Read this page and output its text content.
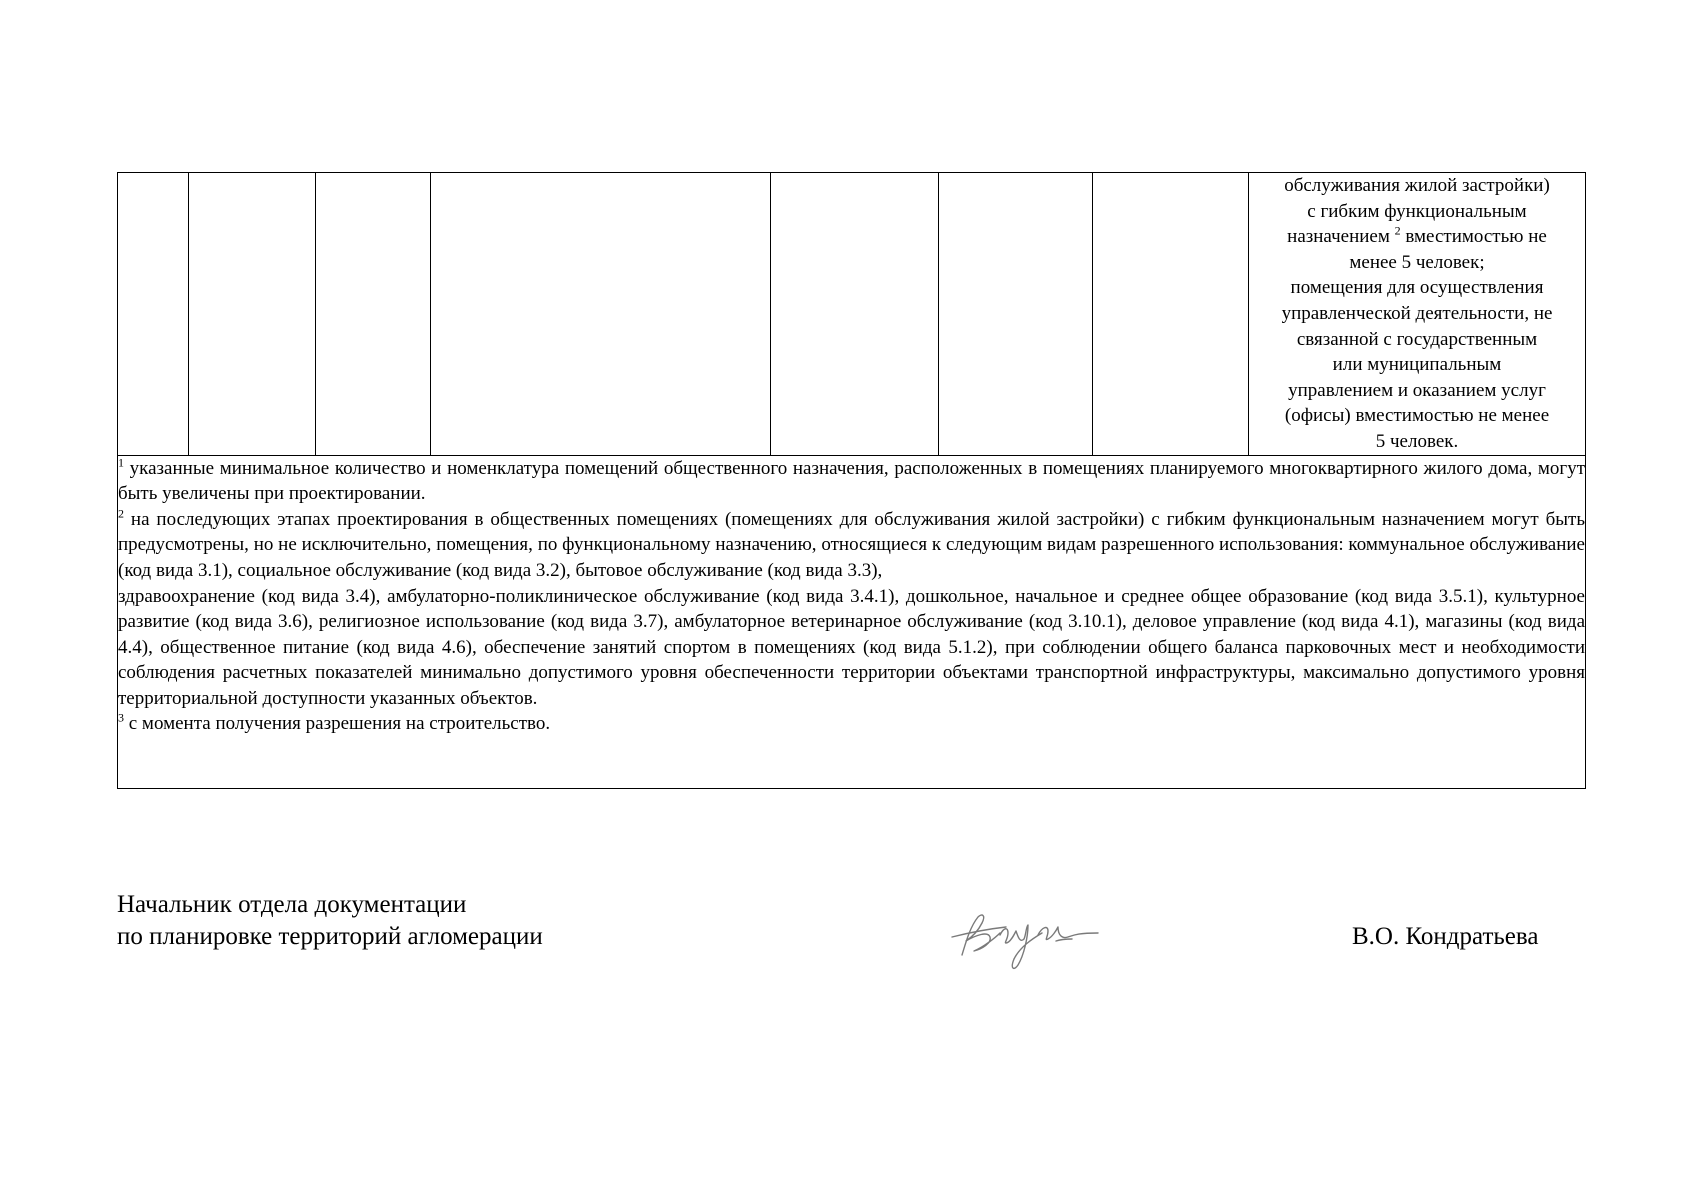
обслуживания жилой застройки)
с гибким функциональным
назначением $^2$ вместимостью не
менее 5 человек;
помещения для осуществления
управленческой деятельности, не
связанной с государственным
или муниципальным
управлением и оказанием услуг
(офисы) вместимостью не менее
5 человек.

$^1$ указанные минимальное количество и номенклатура помещений общественного назначения, расположенных в помещениях планируемого многоквартирного жилого дома, могут быть увеличены при проектировании.
$^2$ на последующих этапах проектирования в общественных помещениях (помещениях для обслуживания жилой застройки) с гибким функциональным назначением могут быть предусмотрены, но не исключительно, помещения, по функциональному назначению, относящиеся к следующим видам разрешенного использования: коммунальное обслуживание (код вида 3.1), социальное обслуживание (код вида 3.2), бытовое обслуживание (код вида 3.3),
здравоохранение (код вида 3.4), амбулаторно-поликлиническое обслуживание (код вида 3.4.1), дошкольное, начальное и среднее общее образование (код вида 3.5.1), культурное развитие (код вида 3.6), религиозное использование (код вида 3.7), амбулаторное ветеринарное обслуживание (код 3.10.1), деловое управление (код вида 4.1), магазины (код вида 4.4), общественное питание (код вида 4.6), обеспечение занятий спортом в помещениях (код вида 5.1.2), при соблюдении общего баланса парковочных мест и необходимости соблюдения расчетных показателей минимально допустимого уровня обеспеченности территории объектами транспортной инфраструктуры, максимально допустимого уровня территориальной доступности указанных объектов.
$^3$ с момента получения разрешения на строительство.
Начальник отдела документации
по планировке территорий агломерации	В.О. Кондратьева
